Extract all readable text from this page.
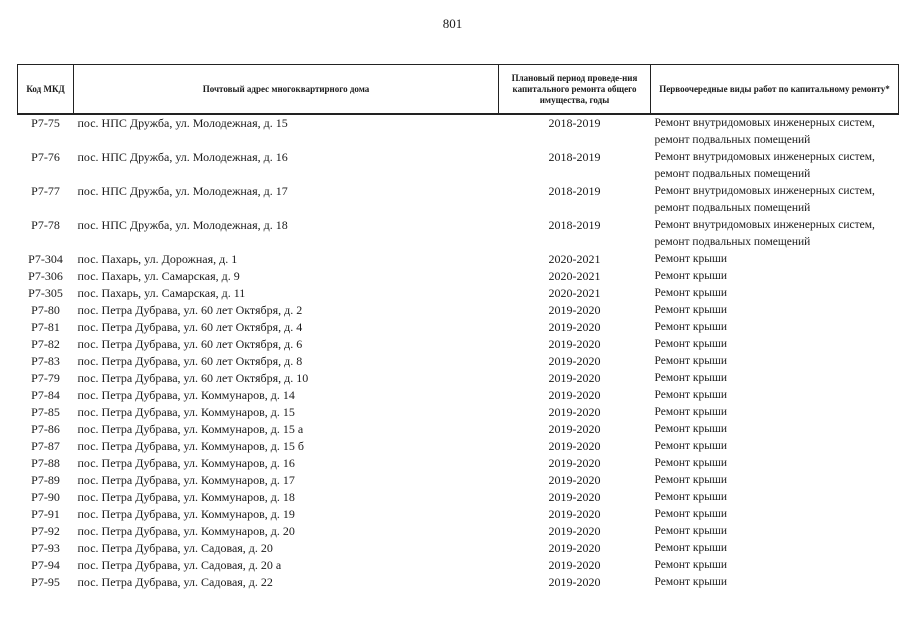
801
Код МКД	Почтовый адрес многоквартирного дома	Плановый период проведе-ния капитального ремонта общего имущества, годы	Первоочередные виды работ по капитальному ремонту*
Р7-75	пос. НПС Дружба, ул. Молодежная, д. 15	2018-2019	Ремонт внутридомовых инженерных систем, ремонт подвальных помещений
Р7-76	пос. НПС Дружба, ул. Молодежная, д. 16	2018-2019	Ремонт внутридомовых инженерных систем, ремонт подвальных помещений
Р7-77	пос. НПС Дружба, ул. Молодежная, д. 17	2018-2019	Ремонт внутридомовых инженерных систем, ремонт подвальных помещений
Р7-78	пос. НПС Дружба, ул. Молодежная, д. 18	2018-2019	Ремонт внутридомовых инженерных систем, ремонт подвальных помещений
Р7-304	пос. Пахарь, ул. Дорожная, д. 1	2020-2021	Ремонт крыши
Р7-306	пос. Пахарь, ул. Самарская, д. 9	2020-2021	Ремонт крыши
Р7-305	пос. Пахарь, ул. Самарская, д. 11	2020-2021	Ремонт крыши
Р7-80	пос. Петра Дубрава, ул. 60 лет Октября, д. 2	2019-2020	Ремонт крыши
Р7-81	пос. Петра Дубрава, ул. 60 лет Октября, д. 4	2019-2020	Ремонт крыши
Р7-82	пос. Петра Дубрава, ул. 60 лет Октября, д. 6	2019-2020	Ремонт крыши
Р7-83	пос. Петра Дубрава, ул. 60 лет Октября, д. 8	2019-2020	Ремонт крыши
Р7-79	пос. Петра Дубрава, ул. 60 лет Октября, д. 10	2019-2020	Ремонт крыши
Р7-84	пос. Петра Дубрава, ул. Коммунаров, д. 14	2019-2020	Ремонт крыши
Р7-85	пос. Петра Дубрава, ул. Коммунаров, д. 15	2019-2020	Ремонт крыши
Р7-86	пос. Петра Дубрава, ул. Коммунаров, д. 15 а	2019-2020	Ремонт крыши
Р7-87	пос. Петра Дубрава, ул. Коммунаров, д. 15 б	2019-2020	Ремонт крыши
Р7-88	пос. Петра Дубрава, ул. Коммунаров, д. 16	2019-2020	Ремонт крыши
Р7-89	пос. Петра Дубрава, ул. Коммунаров, д. 17	2019-2020	Ремонт крыши
Р7-90	пос. Петра Дубрава, ул. Коммунаров, д. 18	2019-2020	Ремонт крыши
Р7-91	пос. Петра Дубрава, ул. Коммунаров, д. 19	2019-2020	Ремонт крыши
Р7-92	пос. Петра Дубрава, ул. Коммунаров, д. 20	2019-2020	Ремонт крыши
Р7-93	пос. Петра Дубрава, ул. Садовая, д. 20	2019-2020	Ремонт крыши
Р7-94	пос. Петра Дубрава, ул. Садовая, д. 20 а	2019-2020	Ремонт крыши
Р7-95	пос. Петра Дубрава, ул. Садовая, д. 22	2019-2020	Ремонт крыши
